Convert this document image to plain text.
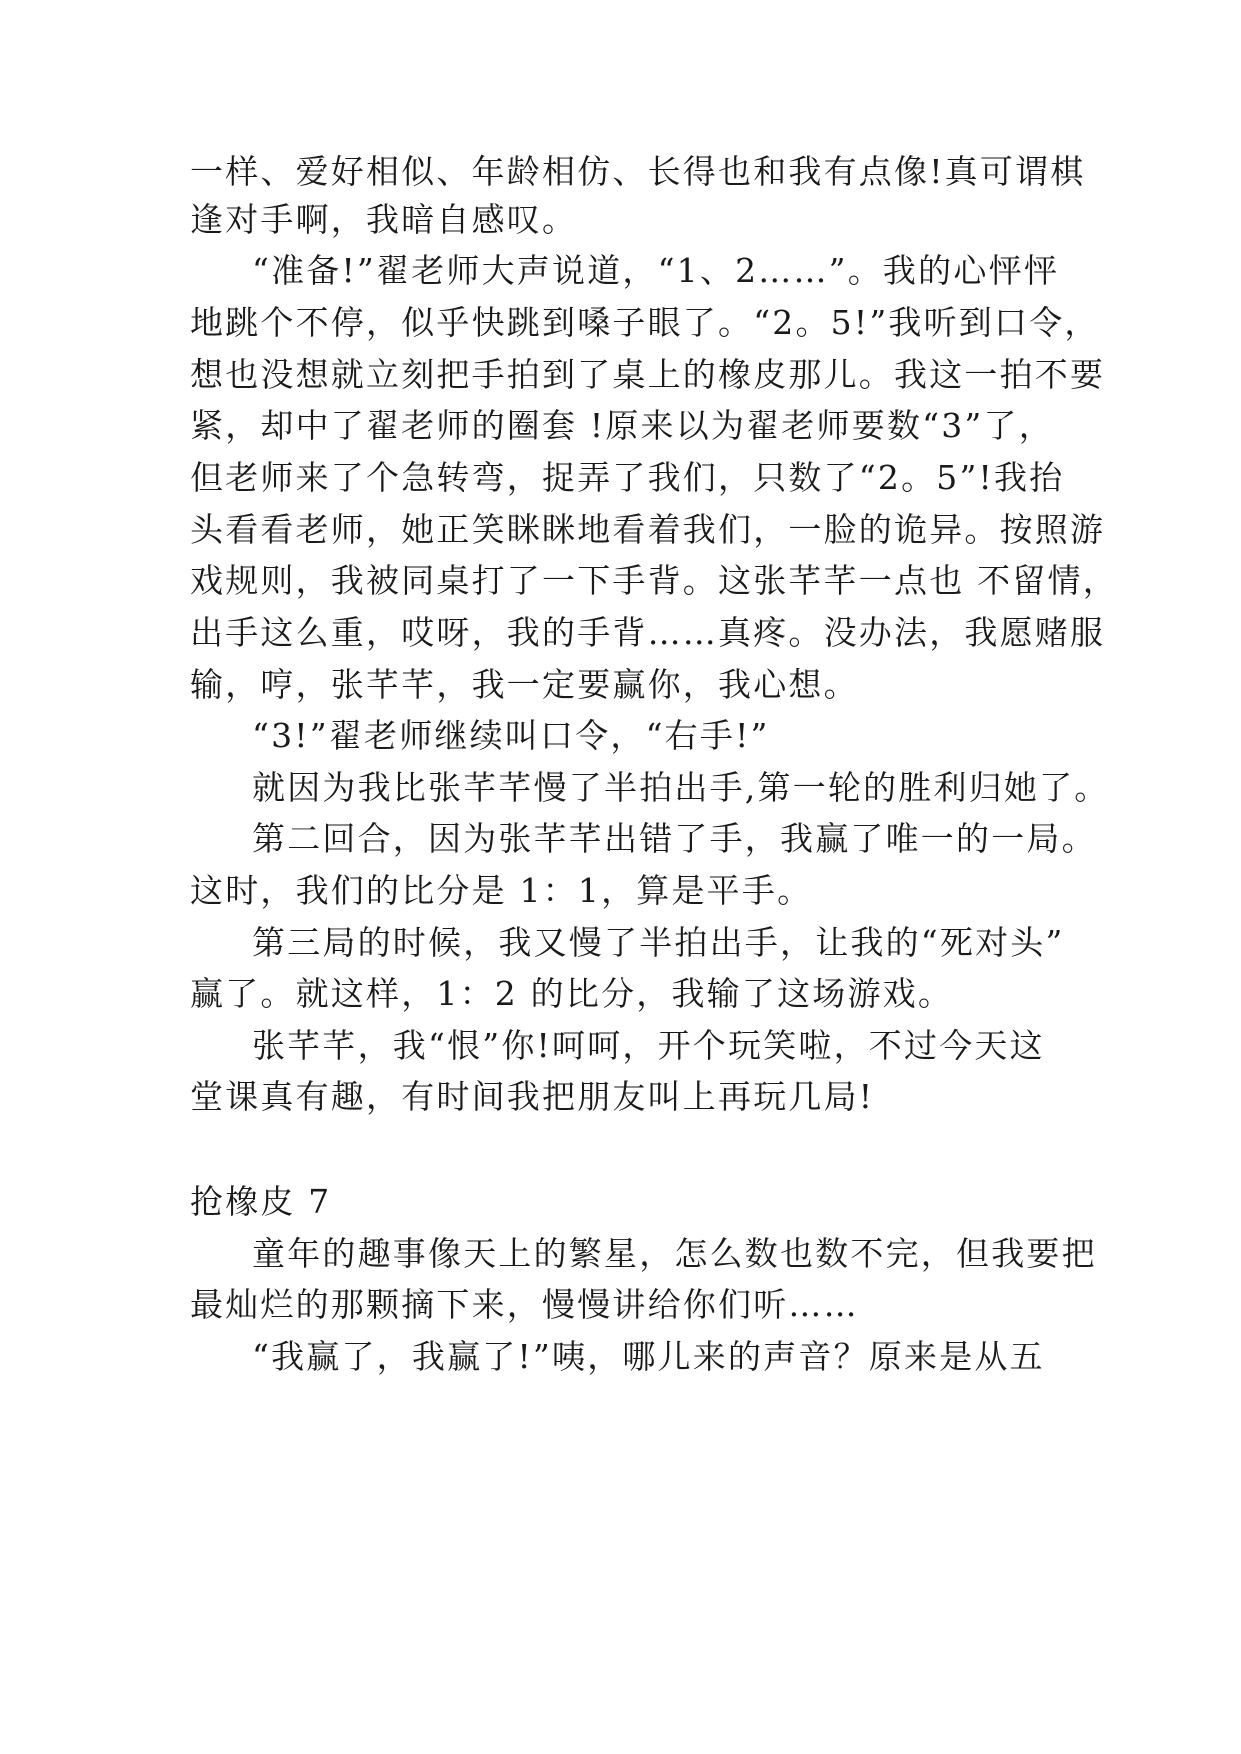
一样、爱好相似、年龄相仿、长得也和我有点像!真可谓棋
逢对手啊，我暗自感叹。
“准备!”翟老师大声说道，“1、2……”。我的心怦怦
地跳个不停，似乎快跳到嗓子眼了。“2。5!”我听到口令，
想也没想就立刻把手拍到了桌上的橡皮那儿。我这一拍不要
紧，却中了翟老师的圈套 !原来以为翟老师要数“3”了，
但老师来了个急转弯，捉弄了我们，只数了“2。5”!我抬
头看看老师，她正笑眯眯地看着我们，一脸的诡异。按照游
戏规则，我被同桌打了一下手背。这张芊芊一点也 不留情，
出手这么重，哎呀，我的手背……真疼。没办法，我愿赌服
输，哼，张芊芊，我一定要赢你，我心想。
“3!”翟老师继续叫口令，“右手!”
就因为我比张芊芊慢了半拍出手,第一轮的胜利归她了。
第二回合，因为张芊芊出错了手，我赢了唯一的一局。
这时，我们的比分是 1：1，算是平手。
第三局的时候，我又慢了半拍出手，让我的“死对头”
赢了。就这样，1：2 的比分，我输了这场游戏。
张芊芊，我“恨”你!呵呵，开个玩笑啦，不过今天这
堂课真有趣，有时间我把朋友叫上再玩几局!
抢橡皮 7
童年的趣事像天上的繁星，怎么数也数不完，但我要把
最灿烂的那颗摘下来，慢慢讲给你们听……
“我赢了，我赢了!”咦，哪儿来的声音？原来是从五
